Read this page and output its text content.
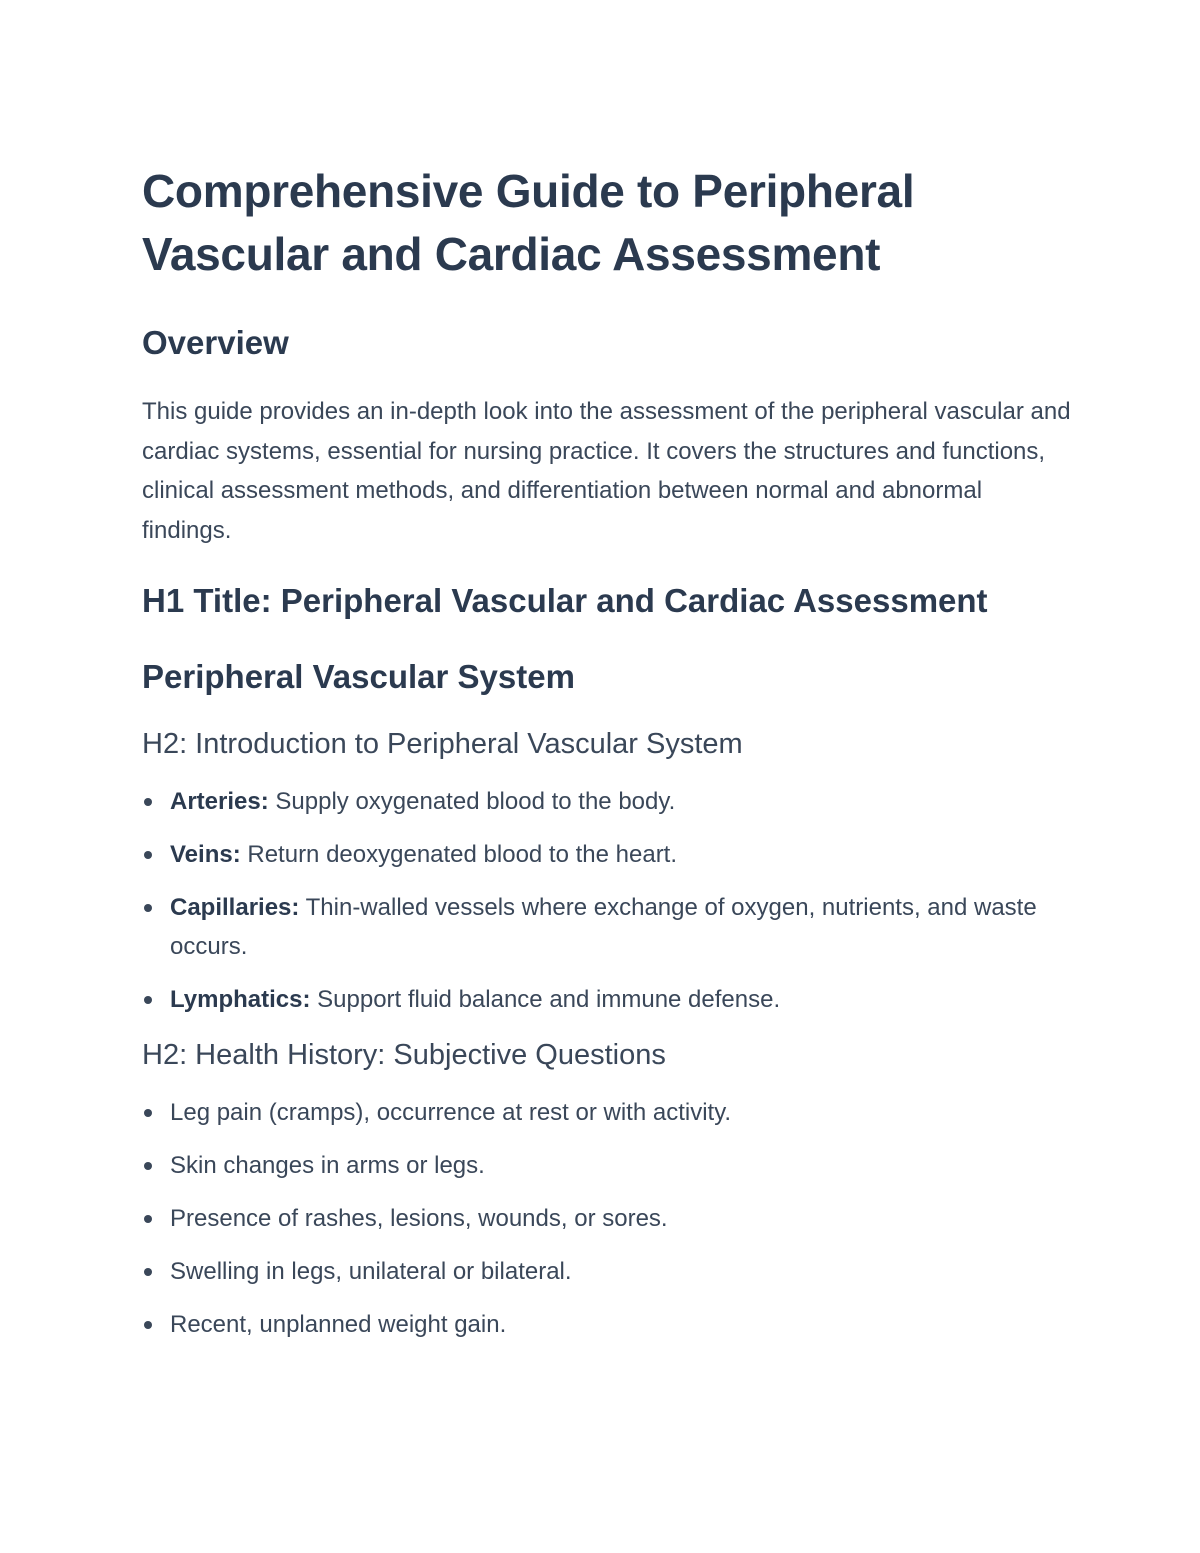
Comprehensive Guide to Peripheral Vascular and Cardiac Assessment
Overview

This guide provides an in-depth look into the assessment of the peripheral vascular and cardiac systems, essential for nursing practice. It covers the structures and functions, clinical assessment methods, and differentiation between normal and abnormal findings.

H1 Title: Peripheral Vascular and Cardiac Assessment
Peripheral Vascular System
H2: Introduction to Peripheral Vascular System
Arteries: Supply oxygenated blood to the body.
Veins: Return deoxygenated blood to the heart.
Capillaries: Thin-walled vessels where exchange of oxygen, nutrients, and waste occurs.
Lymphatics: Support fluid balance and immune defense.
H2: Health History: Subjective Questions
Leg pain (cramps), occurrence at rest or with activity.
Skin changes in arms or legs.
Presence of rashes, lesions, wounds, or sores.
Swelling in legs, unilateral or bilateral.
Recent, unplanned weight gain.
